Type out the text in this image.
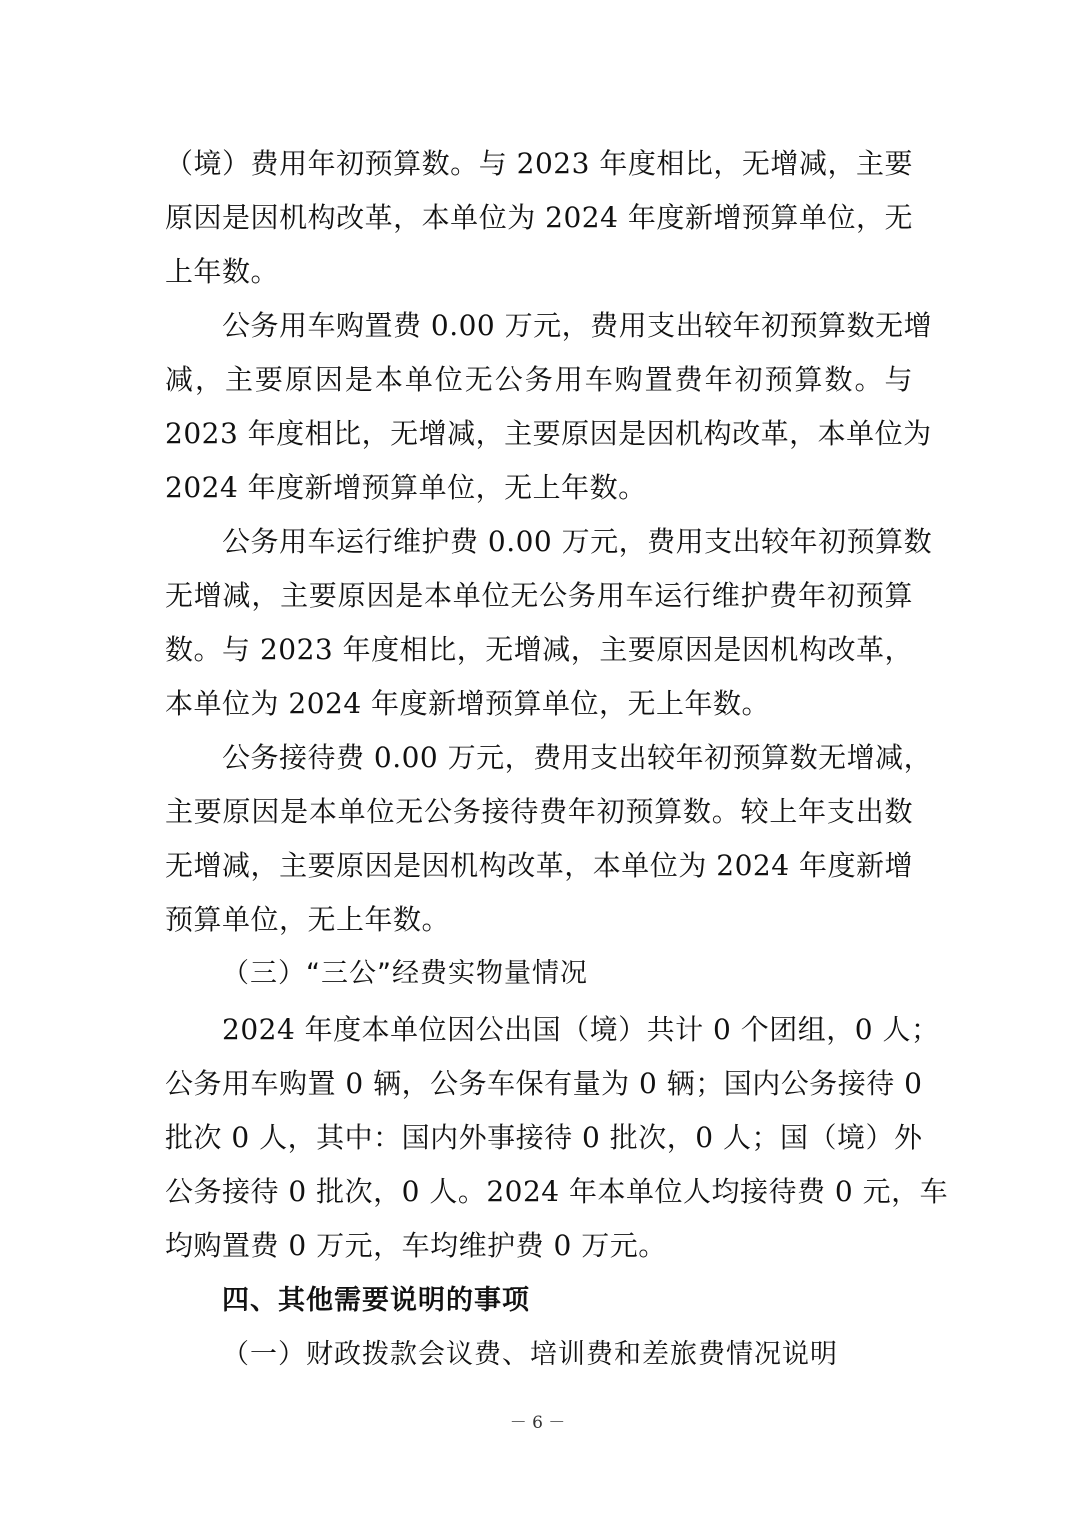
（境）费用年初预算数。与 2023 年度相比，无增减，主要
原因是因机构改革，本单位为 2024 年度新增预算单位，无
上年数。
公务用车购置费 0.00 万元，费用支出较年初预算数无增
减，主要原因是本单位无公务用车购置费年初预算数。与
2023 年度相比，无增减，主要原因是因机构改革，本单位为
2024 年度新增预算单位，无上年数。
公务用车运行维护费 0.00 万元，费用支出较年初预算数
无增减，主要原因是本单位无公务用车运行维护费年初预算
数。与 2023 年度相比，无增减，主要原因是因机构改革，
本单位为 2024 年度新增预算单位，无上年数。
公务接待费 0.00 万元，费用支出较年初预算数无增减，
主要原因是本单位无公务接待费年初预算数。较上年支出数
无增减，主要原因是因机构改革，本单位为 2024 年度新增
预算单位，无上年数。
（三）“三公”经费实物量情况
2024 年度本单位因公出国（境）共计 0 个团组，0 人；
公务用车购置 0 辆，公务车保有量为 0 辆；国内公务接待 0
批次 0 人，其中：国内外事接待 0 批次，0 人；国（境）外
公务接待 0 批次，0 人。2024 年本单位人均接待费 0 元，车
均购置费 0 万元，车均维护费 0 万元。
四、其他需要说明的事项
（一）财政拨款会议费、培训费和差旅费情况说明
－ 6 －
